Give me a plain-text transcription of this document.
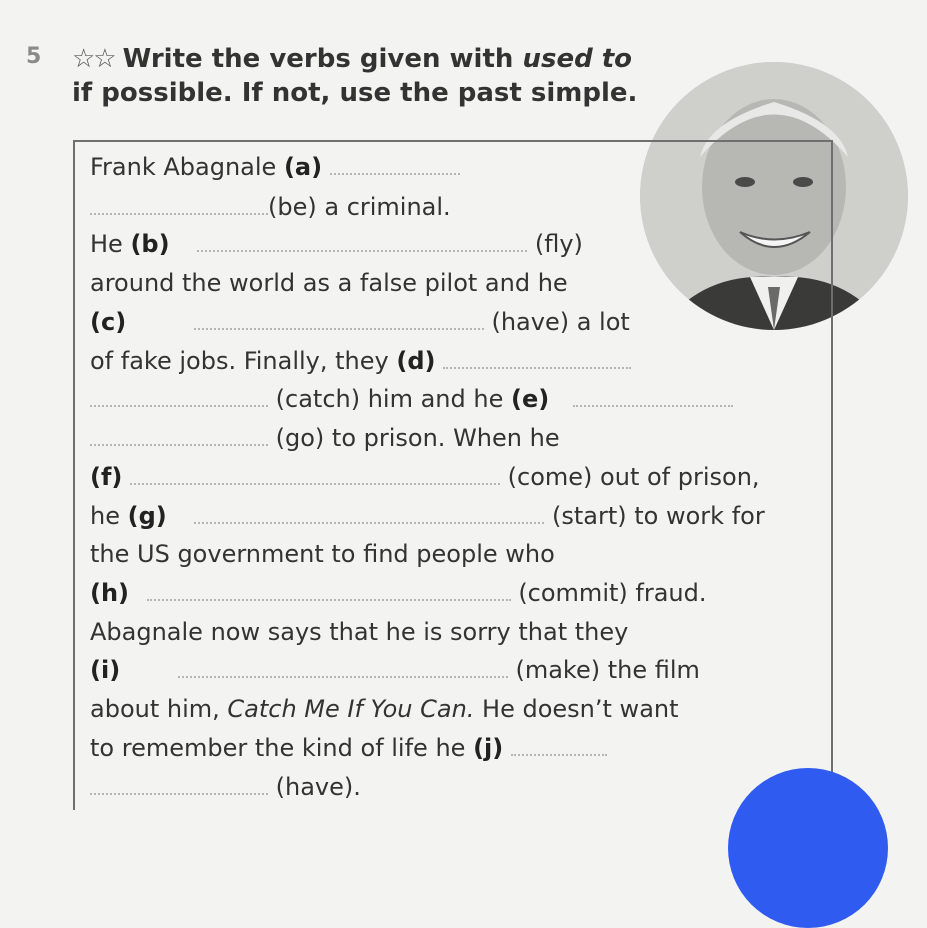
5 ☆☆ Write the verbs given with used to
if possible. If not, use the past simple.
Frank Abagnale (a)
(be) a criminal.
He (b)	(fly)
around the world as a false pilot and he
(c)	(have) a lot
of fake jobs. Finally, they (d)
(catch) him and he (e)
(go) to prison. When he
(f)	(come) out of prison,
he (g)	(start) to work for
the US government to find people who
(h)	(commit) fraud.
Abagnale now says that he is sorry that they
(i)	(make) the film
about him, Catch Me If You Can. He doesn’t want
to remember the kind of life he (j)
(have).
